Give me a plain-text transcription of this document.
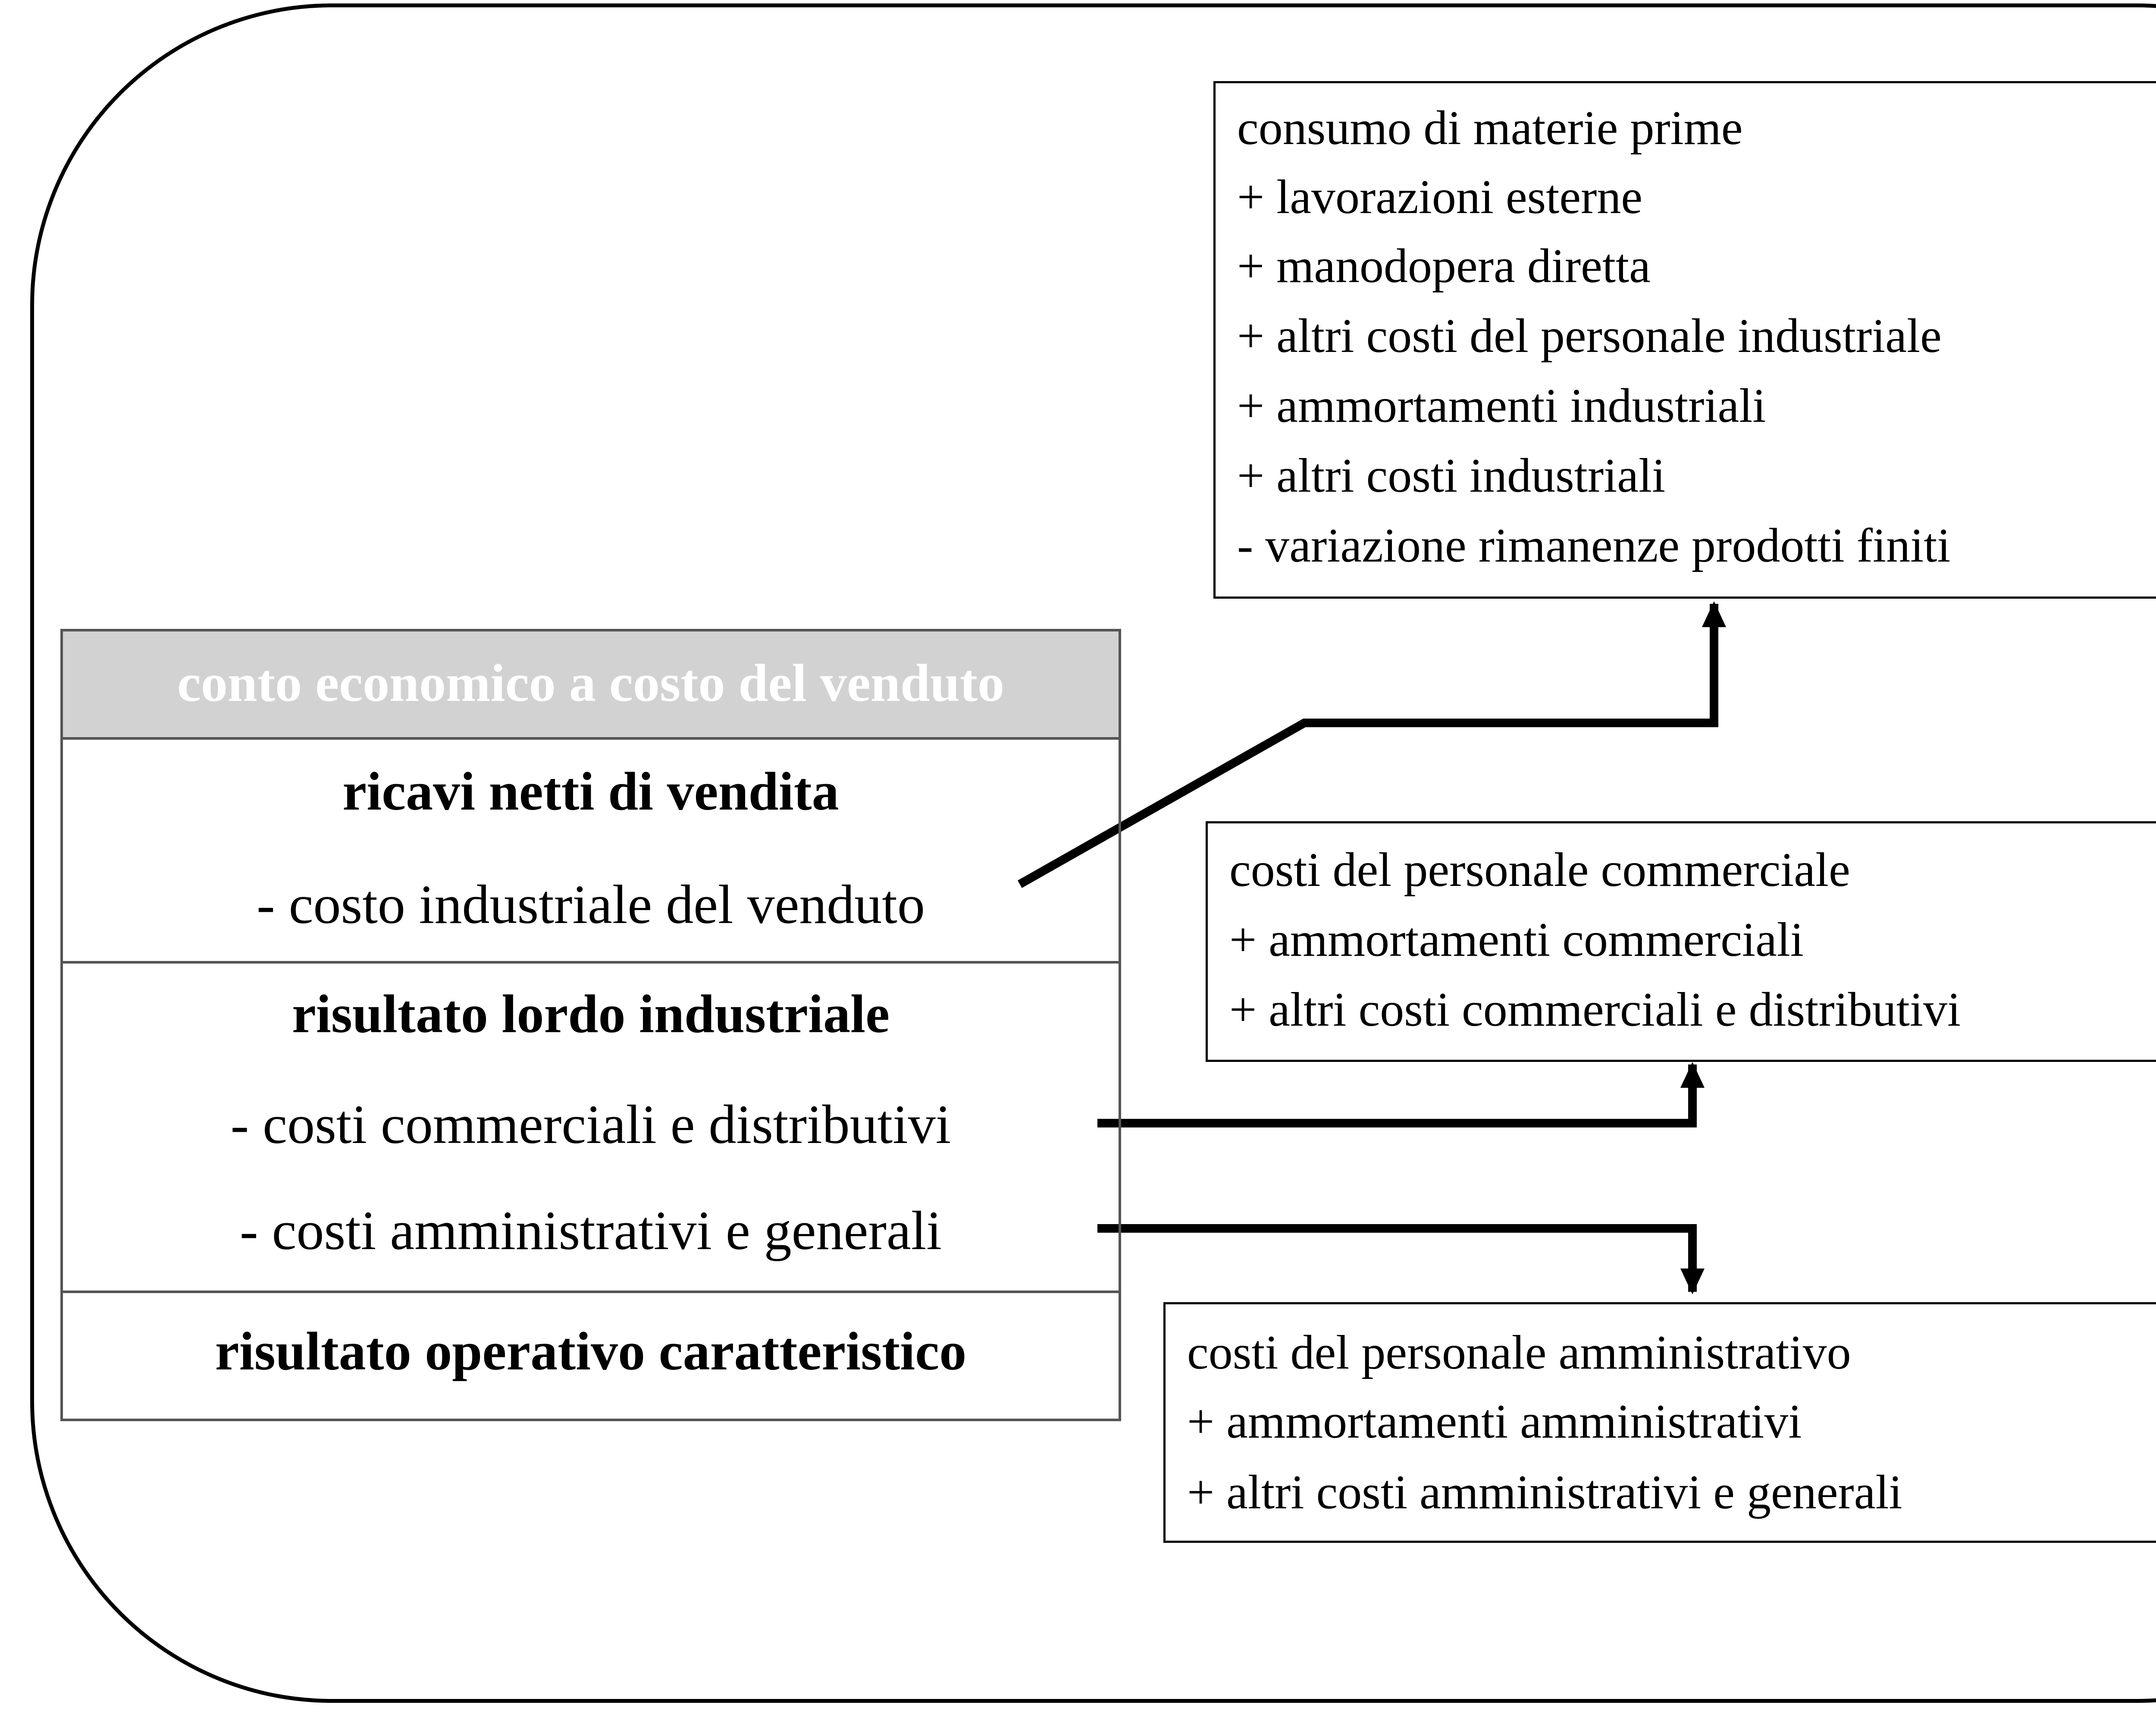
conto economico a costo del venduto
ricavi netti di vendita
- costo industriale del venduto
risultato lordo industriale
- costi commerciali e distributivi
- costi amministrativi e generali
risultato operativo caratteristico
consumo di materie prime
+ lavorazioni esterne
+ manodopera diretta
+ altri costi del personale industriale
+ ammortamenti industriali
+ altri costi industriali
- variazione rimanenze prodotti finiti
costi del personale commerciale
+ ammortamenti commerciali
+ altri costi commerciali e distributivi
costi del personale amministrativo
+ ammortamenti amministrativi
+ altri costi amministrativi e generali
